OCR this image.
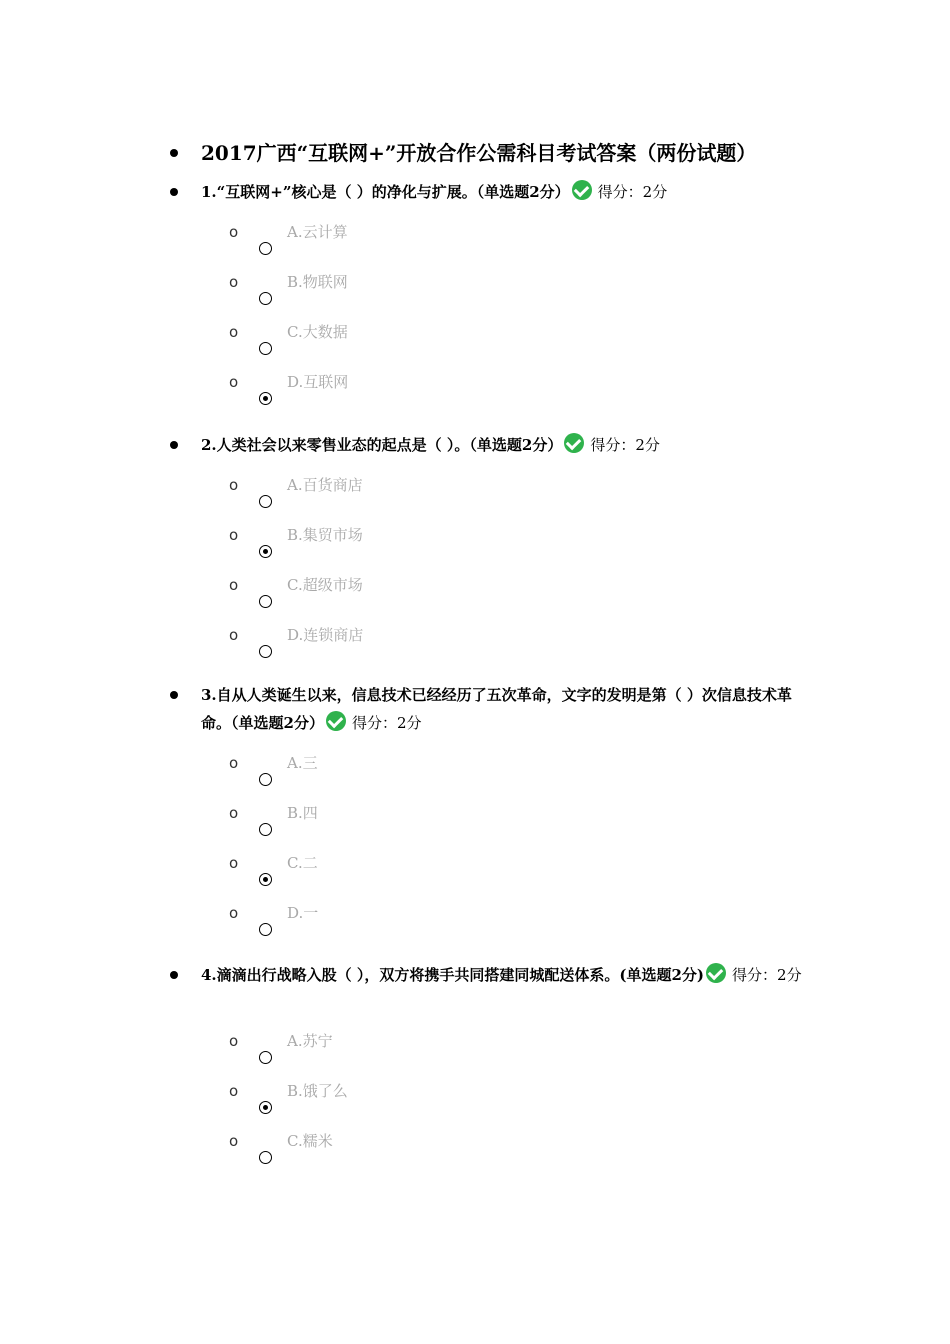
2017广西“互联网+”开放合作公需科目考试答案（两份试题）
1.“互联网+”核心是（ ）的净化与扩展。（单选题2分） 得分：2分
o	A.云计算
o	B.物联网
o	C.大数据
o	D.互联网
2.人类社会以来零售业态的起点是（ ）。（单选题2分） 得分：2分
o	A.百货商店
o	B.集贸市场
o	C.超级市场
o	D.连锁商店
3.自从人类诞生以来，信息技术已经经历了五次革命，文字的发明是第（ ）次信息技术革命。（单选题2分） 得分：2分
o	A.三
o	B.四
o	C.二
o	D.一
4.滴滴出行战略入股（ ），双方将携手共同搭建同城配送体系。(单选题2分) 得分：2分
o	A.苏宁
o	B.饿了么
o	C.糯米
